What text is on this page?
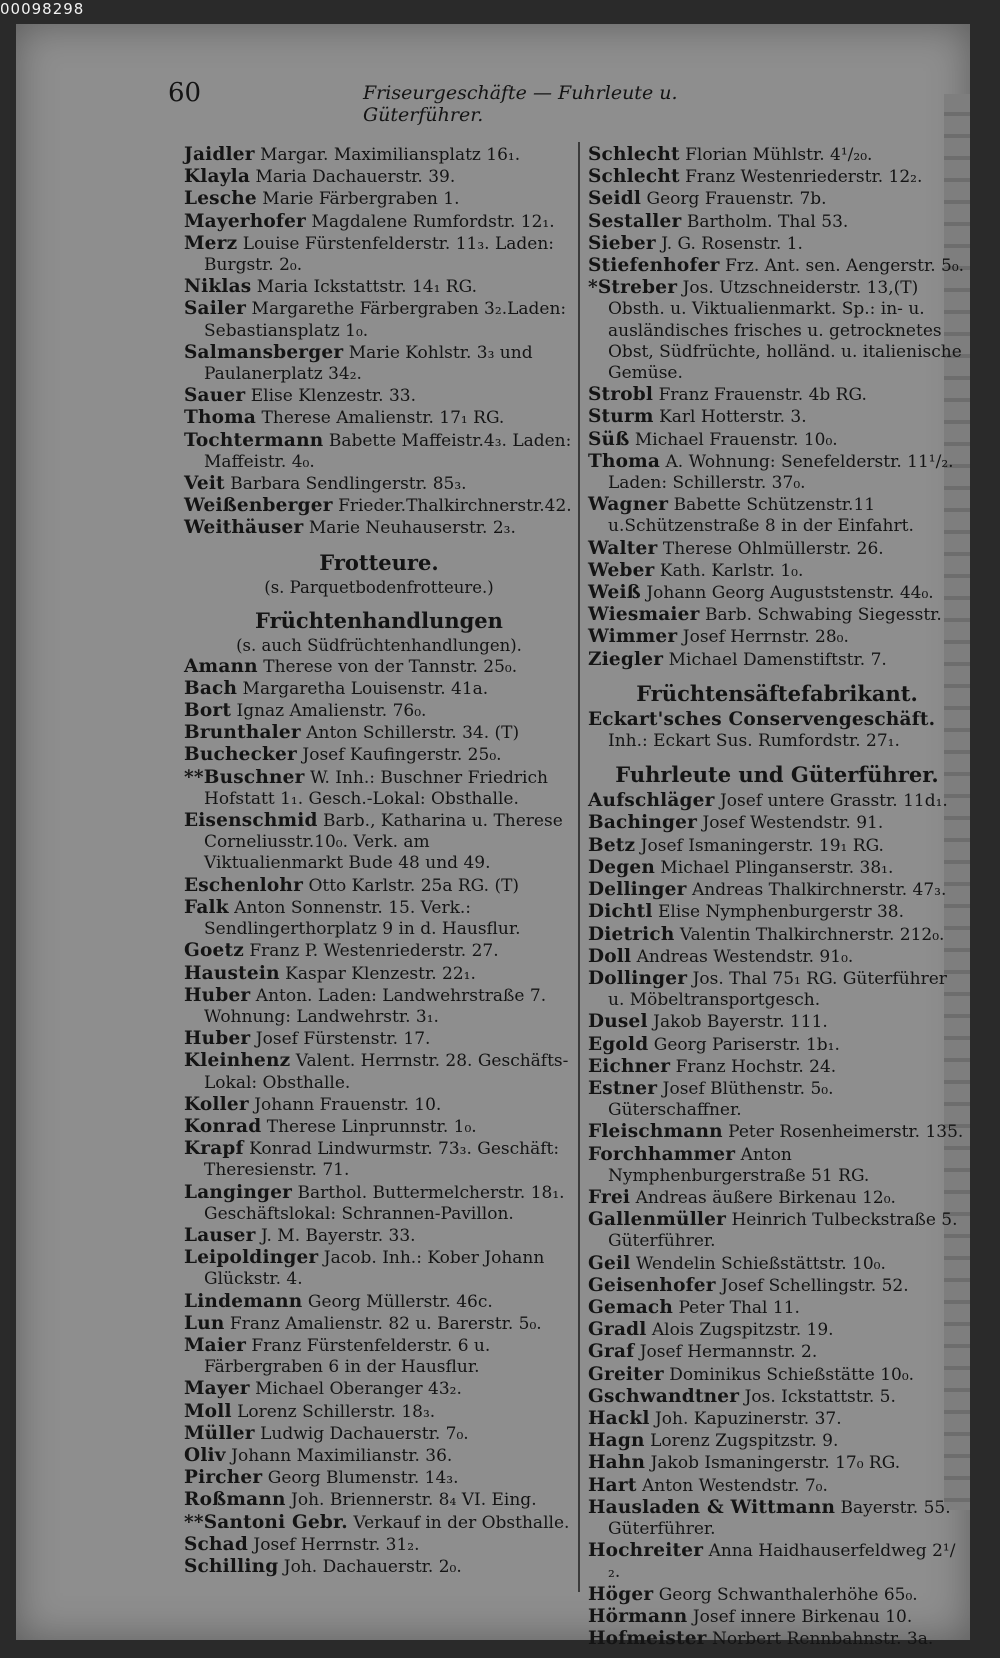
00098298
60	Friseurgeschäfte — Fuhrleute u. Güterführer.
Jaidler Margar. Maximiliansplatz 16₁.
Klayla Maria Dachauerstr. 39.
Lesche Marie Färbergraben 1.
Mayerhofer Magdalene Rumfordstr. 12₁.
Merz Louise Fürstenfelderstr. 11₃. Laden: Burgstr. 2₀.
Niklas Maria Ickstattstr. 14₁ RG.
Sailer Margarethe Färbergraben 3₂.Laden: Sebastiansplatz 1₀.
Salmansberger Marie Kohlstr. 3₃ und Paulanerplatz 34₂.
Sauer Elise Klenzestr. 33.
Thoma Therese Amalienstr. 17₁ RG.
Tochtermann Babette Maffeistr.4₃. Laden: Maffeistr. 4₀.
Veit Barbara Sendlingerstr. 85₃.
Weißenberger Frieder.Thalkirchnerstr.42.
Weithäuser Marie Neuhauserstr. 2₃.
Frotteure.
(s. Parquetbodenfrotteure.)
Früchtenhandlungen
(s. auch Südfrüchtenhandlungen).
Amann Therese von der Tannstr. 25₀.
Bach Margaretha Louisenstr. 41a.
Bort Ignaz Amalienstr. 76₀.
Brunthaler Anton Schillerstr. 34. (T)
Buchecker Josef Kaufingerstr. 25₀.
**Buschner W. Inh.: Buschner Friedrich Hofstatt 1₁. Gesch.-Lokal: Obsthalle.
Eisenschmid Barb., Katharina u. Therese Corneliusstr.10₀. Verk. am Viktualienmarkt Bude 48 und 49.
Eschenlohr Otto Karlstr. 25a RG. (T)
Falk Anton Sonnenstr. 15. Verk.: Sendlingerthorplatz 9 in d. Hausflur.
Goetz Franz P. Westenriederstr. 27.
Haustein Kaspar Klenzestr. 22₁.
Huber Anton. Laden: Landwehrstraße 7. Wohnung: Landwehrstr. 3₁.
Huber Josef Fürstenstr. 17.
Kleinhenz Valent. Herrnstr. 28. Geschäfts-Lokal: Obsthalle.
Koller Johann Frauenstr. 10.
Konrad Therese Linprunnstr. 1₀.
Krapf Konrad Lindwurmstr. 73₃. Geschäft: Theresienstr. 71.
Langinger Barthol. Buttermelcherstr. 18₁. Geschäftslokal: Schrannen-Pavillon.
Lauser J. M. Bayerstr. 33.
Leipoldinger Jacob. Inh.: Kober Johann Glückstr. 4.
Lindemann Georg Müllerstr. 46c.
Lun Franz Amalienstr. 82 u. Barerstr. 5₀.
Maier Franz Fürstenfelderstr. 6 u. Färbergraben 6 in der Hausflur.
Mayer Michael Oberanger 43₂.
Moll Lorenz Schillerstr. 18₃.
Müller Ludwig Dachauerstr. 7₀.
Oliv Johann Maximilianstr. 36.
Pircher Georg Blumenstr. 14₃.
Roßmann Joh. Briennerstr. 8₄ VI. Eing.
**Santoni Gebr. Verkauf in der Obsthalle.
Schad Josef Herrnstr. 31₂.
Schilling Joh. Dachauerstr. 2₀.
Schlecht Florian Mühlstr. 4¹/₂₀.
Schlecht Franz Westenriederstr. 12₂.
Seidl Georg Frauenstr. 7b.
Sestaller Bartholm. Thal 53.
Sieber J. G. Rosenstr. 1.
Stiefenhofer Frz. Ant. sen. Aengerstr. 5₀.
*Streber Jos. Utzschneiderstr. 13,(T) Obsth. u. Viktualienmarkt. Sp.: in- u. ausländisches frisches u. getrocknetes Obst, Südfrüchte, holländ. u. italienische Gemüse.
Strobl Franz Frauenstr. 4b RG.
Sturm Karl Hotterstr. 3.
Süß Michael Frauenstr. 10₀.
Thoma A. Wohnung: Senefelderstr. 11¹/₂. Laden: Schillerstr. 37₀.
Wagner Babette Schützenstr.11 u.Schützenstraße 8 in der Einfahrt.
Walter Therese Ohlmüllerstr. 26.
Weber Kath. Karlstr. 1₀.
Weiß Johann Georg Auguststenstr. 44₀.
Wiesmaier Barb. Schwabing Siegesstr.
Wimmer Josef Herrnstr. 28₀.
Ziegler Michael Damenstiftstr. 7.
Früchtensäftefabrikant.
Eckart'sches Conservengeschäft. Inh.: Eckart Sus. Rumfordstr. 27₁.
Fuhrleute und Güterführer.
Aufschläger Josef untere Grasstr. 11d₁.
Bachinger Josef Westendstr. 91.
Betz Josef Ismaningerstr. 19₁ RG.
Degen Michael Plinganserstr. 38₁.
Dellinger Andreas Thalkirchnerstr. 47₃.
Dichtl Elise Nymphenburgerstr 38.
Dietrich Valentin Thalkirchnerstr. 212₀.
Doll Andreas Westendstr. 91₀.
Dollinger Jos. Thal 75₁ RG. Güterführer u. Möbeltransportgesch.
Dusel Jakob Bayerstr. 111.
Egold Georg Pariserstr. 1b₁.
Eichner Franz Hochstr. 24.
Estner Josef Blüthenstr. 5₀. Güterschaffner.
Fleischmann Peter Rosenheimerstr. 135.
Forchhammer Anton Nymphenburgerstraße 51 RG.
Frei Andreas äußere Birkenau 12₀.
Gallenmüller Heinrich Tulbeckstraße 5. Güterführer.
Geil Wendelin Schießstättstr. 10₀.
Geisenhofer Josef Schellingstr. 52.
Gemach Peter Thal 11.
Gradl Alois Zugspitzstr. 19.
Graf Josef Hermannstr. 2.
Greiter Dominikus Schießstätte 10₀.
Gschwandtner Jos. Ickstattstr. 5.
Hackl Joh. Kapuzinerstr. 37.
Hagn Lorenz Zugspitzstr. 9.
Hahn Jakob Ismaningerstr. 17₀ RG.
Hart Anton Westendstr. 7₀.
Hausladen & Wittmann Bayerstr. 55. Güterführer.
Hochreiter Anna Haidhauserfeldweg 2¹/₂.
Höger Georg Schwanthalerhöhe 65₀.
Hörmann Josef innere Birkenau 10.
Hofmeister Norbert Rennbahnstr. 3a.
